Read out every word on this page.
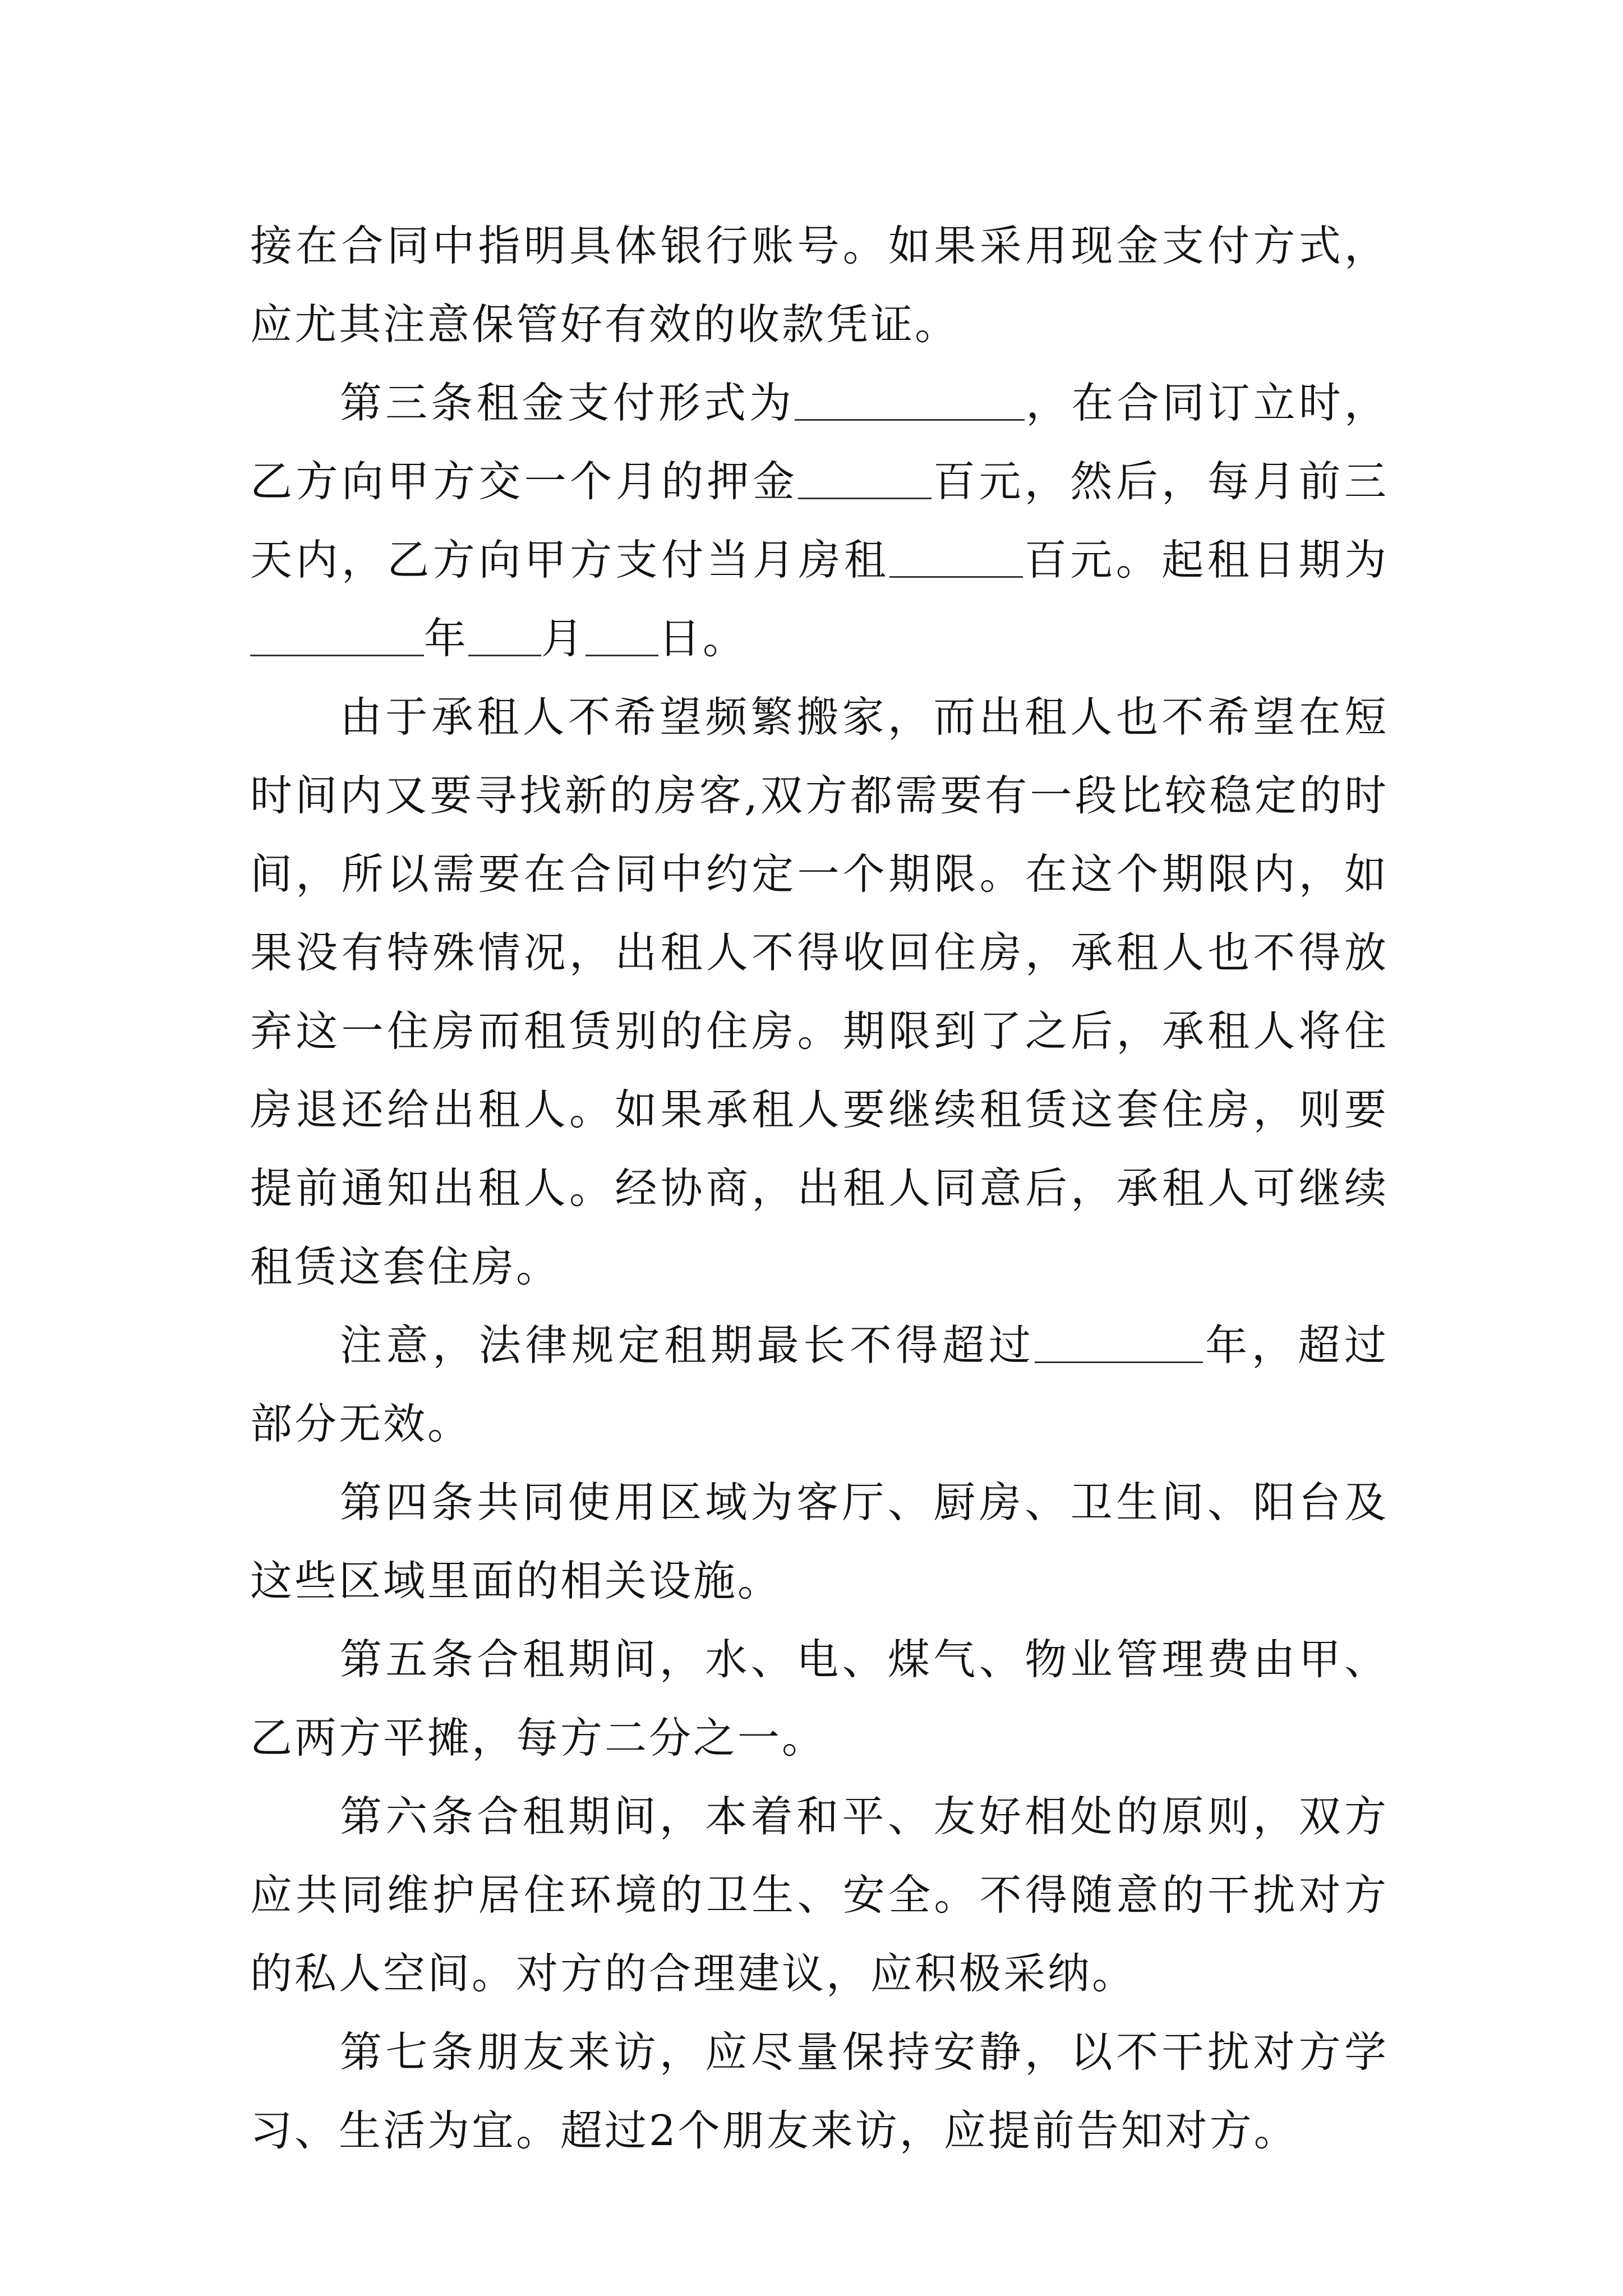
接在合同中指明具体银行账号。如果采用现金支付方式，应尤其注意保管好有效的收款凭证。

第三条租金支付形式为	，在合同订立时，乙方向甲方交一个月的押金	百元，然后，每月前三天内，乙方向甲方支付当月房租	百元。起租日期为年 月 日。

由于承租人不希望频繁搬家，而出租人也不希望在短时间内又要寻找新的房客,双方都需要有一段比较稳定的时间，所以需要在合同中约定一个期限。在这个期限内，如果没有特殊情况，出租人不得收回住房，承租人也不得放弃这一住房而租赁别的住房。期限到了之后，承租人将住房退还给出租人。如果承租人要继续租赁这套住房，则要提前通知出租人。经协商，出租人同意后，承租人可继续租赁这套住房。

注意，法律规定租期最长不得超过	年，超过部分无效。

第四条共同使用区域为客厅、厨房、卫生间、阳台及这些区域里面的相关设施。

第五条合租期间，水、电、煤气、物业管理费由甲、乙两方平摊，每方二分之一。

第六条合租期间，本着和平、友好相处的原则，双方应共同维护居住环境的卫生、安全。不得随意的干扰对方的私人空间。对方的合理建议，应积极采纳。

第七条朋友来访，应尽量保持安静，以不干扰对方学习、生活为宜。超过2个朋友来访，应提前告知对方。
